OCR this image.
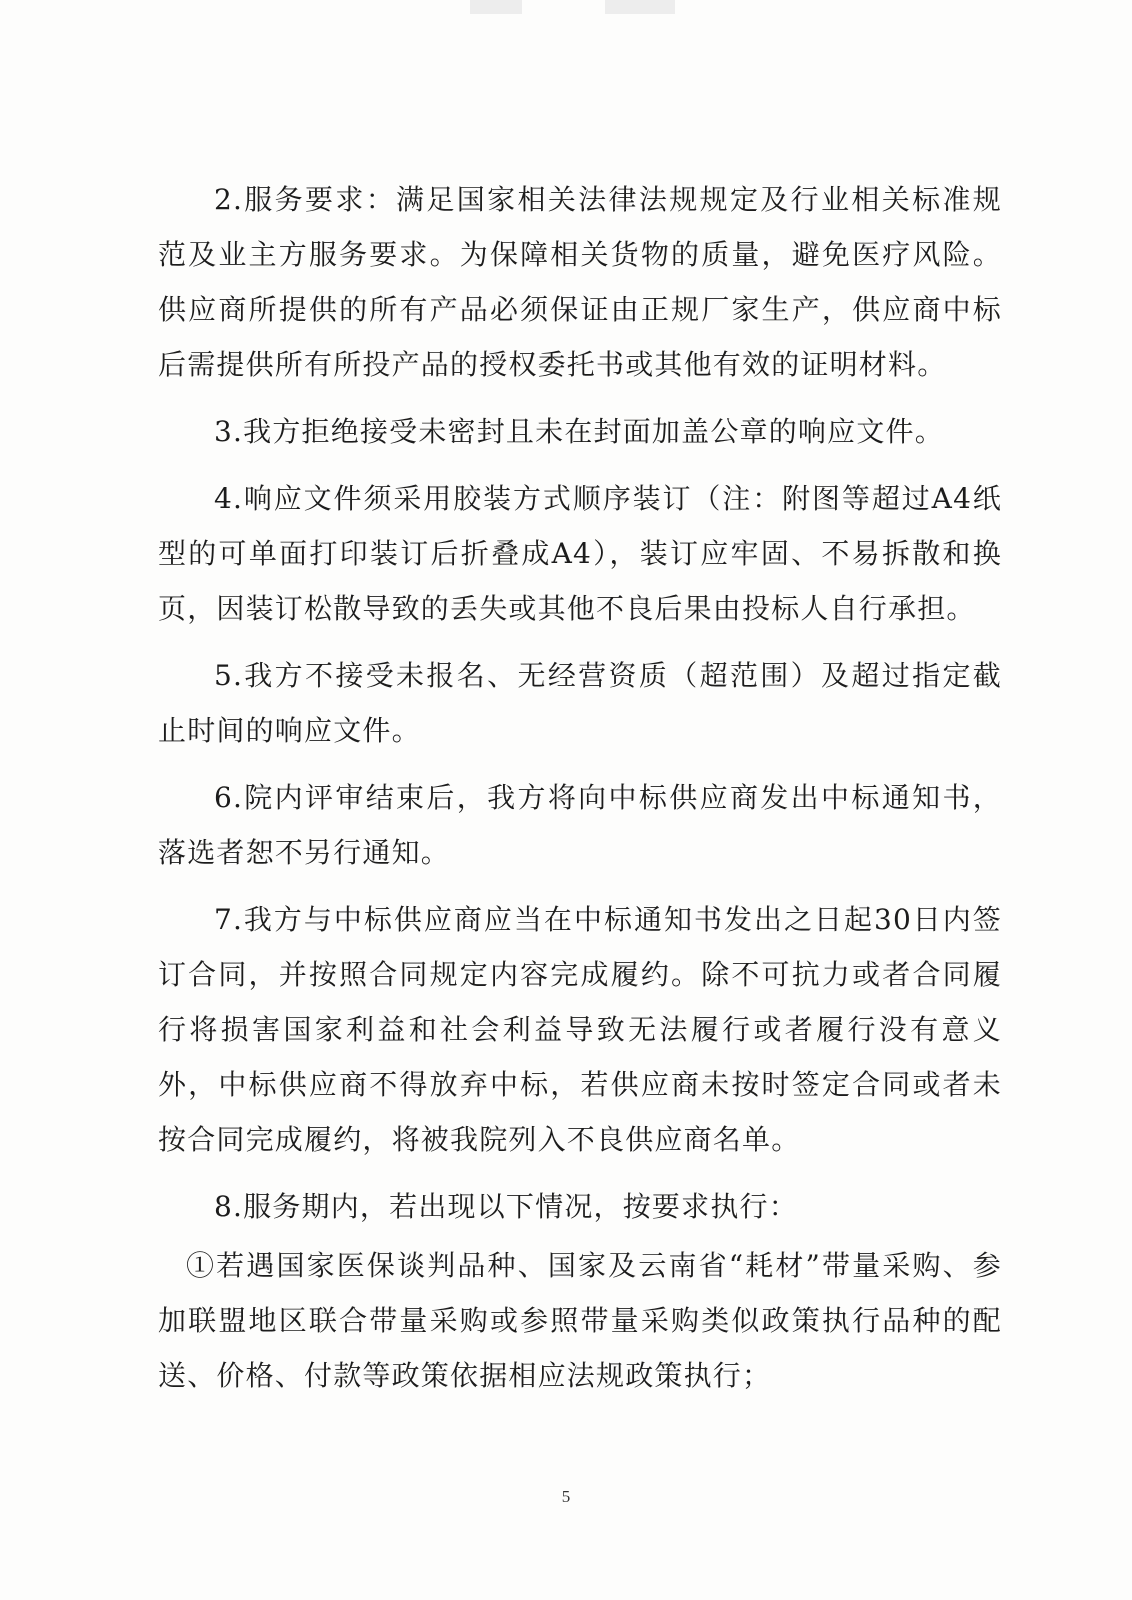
2.服务要求：满足国家相关法律法规规定及行业相关标准规范及业主方服务要求。为保障相关货物的质量，避免医疗风险。供应商所提供的所有产品必须保证由正规厂家生产，供应商中标后需提供所有所投产品的授权委托书或其他有效的证明材料。

3.我方拒绝接受未密封且未在封面加盖公章的响应文件。

4.响应文件须采用胶装方式顺序装订（注：附图等超过A4纸型的可单面打印装订后折叠成A4），装订应牢固、不易拆散和换页，因装订松散导致的丢失或其他不良后果由投标人自行承担。

5.我方不接受未报名、无经营资质（超范围）及超过指定截止时间的响应文件。

6.院内评审结束后，我方将向中标供应商发出中标通知书，落选者恕不另行通知。

7.我方与中标供应商应当在中标通知书发出之日起30日内签订合同，并按照合同规定内容完成履约。除不可抗力或者合同履行将损害国家利益和社会利益导致无法履行或者履行没有意义外，中标供应商不得放弃中标，若供应商未按时签定合同或者未按合同完成履约，将被我院列入不良供应商名单。

8.服务期内，若出现以下情况，按要求执行：

①若遇国家医保谈判品种、国家及云南省“耗材”带量采购、参加联盟地区联合带量采购或参照带量采购类似政策执行品种的配送、价格、付款等政策依据相应法规政策执行；

5
